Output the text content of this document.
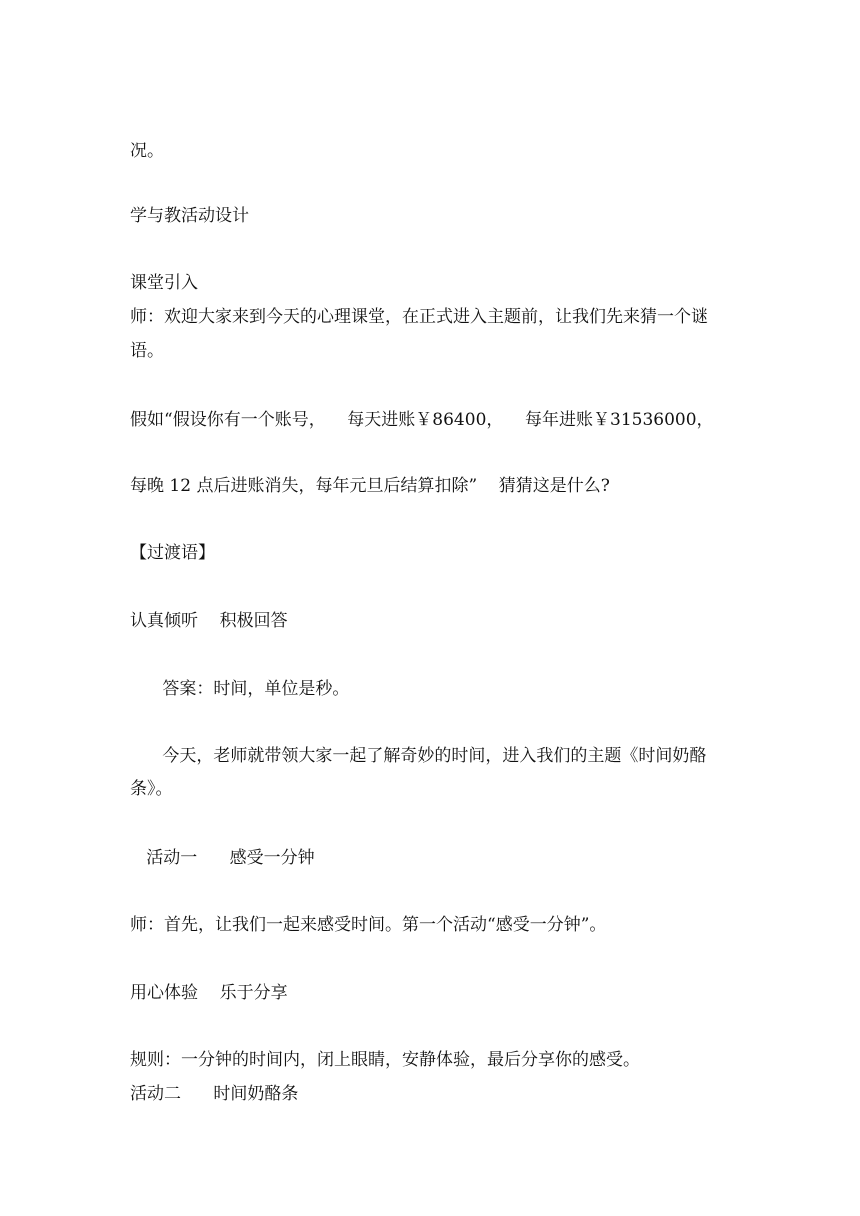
况。

学与教活动设计

课堂引入

师：欢迎大家来到今天的心理课堂，在正式进入主题前，让我们先来猜一个谜

语。

假如“假设你有一个账号，    每天进账￥86400，    每年进账￥31536000，

每晚 12 点后进账消失，每年元旦后结算扣除”    猜猜这是什么?

【过渡语】

认真倾听    积极回答

答案：时间，单位是秒。

今天，老师就带领大家一起了解奇妙的时间，进入我们的主题《时间奶酪

条》。

活动一      感受一分钟

师：首先，让我们一起来感受时间。第一个活动“感受一分钟”。

用心体验    乐于分享

规则：一分钟的时间内，闭上眼睛，安静体验，最后分享你的感受。

活动二      时间奶酪条
